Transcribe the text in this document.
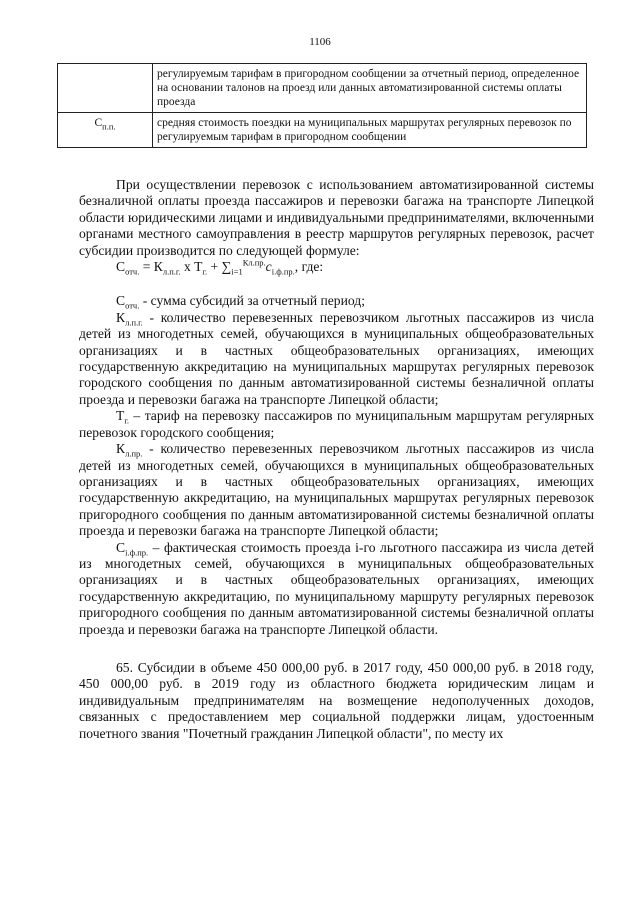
1106
	регулируемым тарифам в пригородном сообщении за отчетный период, определенное на основании талонов на проезд или данных автоматизированной системы оплаты проезда
$С_{п.п.}$	средняя стоимость поездки на муниципальных маршрутах регулярных перевозок по регулируемым тарифам в пригородном сообщении

При осуществлении перевозок с использованием автоматизированной системы безналичной оплаты проезда пассажиров и перевозки багажа на транспорте Липецкой области юридическими лицами и индивидуальными предпринимателями, включенными органами местного самоуправления в реестр маршрутов регулярных перевозок, расчет субсидии производится по следующей формуле:

$С_{отч.} = К_{л.п.г.}$ х $Т_{г.} + \sum_{i=1}^{Кл.пр.}c_{i.ф.пр.}$, где:

$С_{отч.}$ - сумма субсидий за отчетный период;

$К_{л.п.г.}$ - количество перевезенных перевозчиком льготных пассажиров из числа детей из многодетных семей, обучающихся в муниципальных общеобразовательных организациях и в частных общеобразовательных организациях, имеющих государственную аккредитацию на муниципальных маршрутах регулярных перевозок городского сообщения по данным автоматизированной системы безналичной оплаты проезда и перевозки багажа на транспорте Липецкой области;

$Т_{г.}$ – тариф на перевозку пассажиров по муниципальным маршрутам регулярных перевозок городского сообщения;

$К_{л.пр.}$ - количество перевезенных перевозчиком льготных пассажиров из числа детей из многодетных семей, обучающихся в муниципальных общеобразовательных организациях и в частных общеобразовательных организациях, имеющих государственную аккредитацию, на муниципальных маршрутах регулярных перевозок пригородного сообщения по данным автоматизированной системы безналичной оплаты проезда и перевозки багажа на транспорте Липецкой области;

$С_{i.ф.пр.}$ – фактическая стоимость проезда i-го льготного пассажира из числа детей из многодетных семей, обучающихся в муниципальных общеобразовательных организациях и в частных общеобразовательных организациях, имеющих государственную аккредитацию, по муниципальному маршруту регулярных перевозок пригородного сообщения по данным автоматизированной системы безналичной оплаты проезда и перевозки багажа на транспорте Липецкой области.

65. Субсидии в объеме 450 000,00 руб. в 2017 году, 450 000,00 руб. в 2018 году, 450 000,00 руб. в 2019 году из областного бюджета юридическим лицам и индивидуальным предпринимателям на возмещение недополученных доходов, связанных с предоставлением мер социальной поддержки лицам, удостоенным почетного звания "Почетный гражданин Липецкой области", по месту их
